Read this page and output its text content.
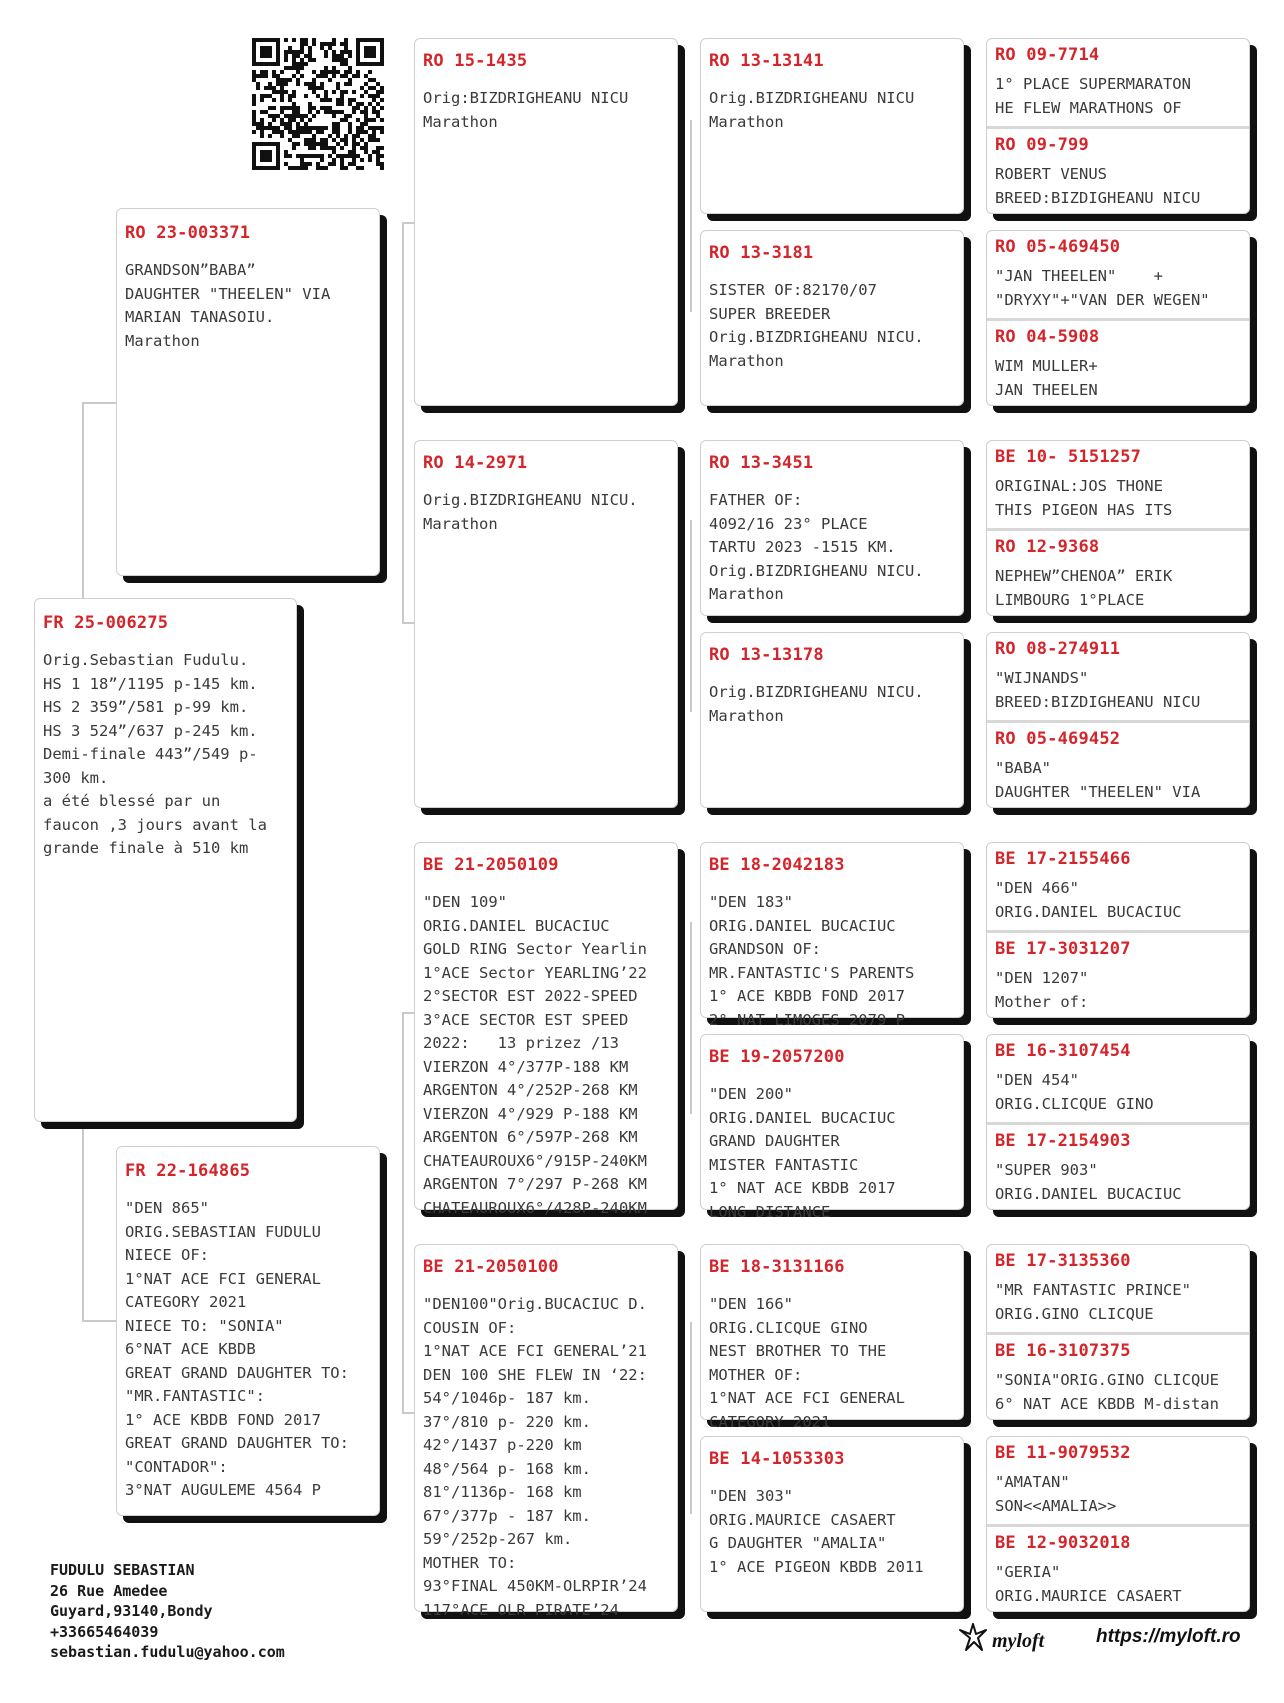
FR 25-006275
Orig.Sebastian Fudulu.
HS 1 18”/1195 p-145 km.
HS 2 359”/581 p-99 km.
HS 3 524”/637 p-245 km.
Demi-finale 443”/549 p-
300 km.
a été blessé par un
faucon ,3 jours avant la
grande finale à 510 km
RO 23-003371
GRANDSON”BABA”
DAUGHTER "THEELEN" VIA
MARIAN TANASOIU.
Marathon
FR 22-164865
"DEN 865"
ORIG.SEBASTIAN FUDULU
NIECE OF:
1°NAT ACE FCI GENERAL
CATEGORY 2021
NIECE TO: "SONIA"
6°NAT ACE KBDB
GREAT GRAND DAUGHTER TO:
"MR.FANTASTIC":
1° ACE KBDB FOND 2017
GREAT GRAND DAUGHTER TO:
"CONTADOR":
3°NAT AUGULEME 4564 P
RO 15-1435
Orig:BIZDRIGHEANU NICU
Marathon
RO 14-2971
Orig.BIZDRIGHEANU NICU.
Marathon
BE 21-2050109
"DEN 109"
ORIG.DANIEL BUCACIUC
GOLD RING Sector Yearlin
1°ACE Sector YEARLING’22
2°SECTOR EST 2022-SPEED
3°ACE SECTOR EST SPEED
2022:   13 prizez /13
VIERZON 4°/377P-188 KM
ARGENTON 4°/252P-268 KM
VIERZON 4°/929 P-188 KM
ARGENTON 6°/597P-268 KM
CHATEAUROUX6°/915P-240KM
ARGENTON 7°/297 P-268 KM
CHATEAUROUX6°/428P-240KM
BE 21-2050100
"DEN100"Orig.BUCACIUC D.
COUSIN OF:
1°NAT ACE FCI GENERAL’21
DEN 100 SHE FLEW IN ‘22:
54°/1046p- 187 km.
37°/810 p- 220 km.
42°/1437 p-220 km
48°/564 p- 168 km.
81°/1136p- 168 km
67°/377p - 187 km.
59°/252p-267 km.
MOTHER TO:
93°FINAL 450KM-OLRPIR’24
117°ACE OLR PIRATE’24
RO 13-13141
Orig.BIZDRIGHEANU NICU
Marathon
RO 13-3181
SISTER OF:82170/07
SUPER BREEDER
Orig.BIZDRIGHEANU NICU.
Marathon
RO 13-3451
FATHER OF:
4092/16 23° PLACE
TARTU 2023 -1515 KM.
Orig.BIZDRIGHEANU NICU.
Marathon
RO 13-13178
Orig.BIZDRIGHEANU NICU.
Marathon
BE 18-2042183
"DEN 183"
ORIG.DANIEL BUCACIUC
GRANDSON OF:
MR.FANTASTIC'S PARENTS
1° ACE KBDB FOND 2017
2° NAT LIMOGES 2079 P
BE 19-2057200
"DEN 200"
ORIG.DANIEL BUCACIUC
GRAND DAUGHTER
MISTER FANTASTIC
1° NAT ACE KBDB 2017
LONG DISTANCE
BE 18-3131166
"DEN 166"
ORIG.CLICQUE GINO
NEST BROTHER TO THE
MOTHER OF:
1°NAT ACE FCI GENERAL
CATEGORY 2021
BE 14-1053303
"DEN 303"
ORIG.MAURICE CASAERT
G DAUGHTER "AMALIA"
1° ACE PIGEON KBDB 2011
RO 09-7714
1° PLACE SUPERMARATON
HE FLEW MARATHONS OF
RO 09-799
ROBERT VENUS
BREED:BIZDIGHEANU NICU
RO 05-469450
"JAN THEELEN"    +
"DRYXY"+"VAN DER WEGEN"
RO 04-5908
WIM MULLER+
JAN THEELEN
BE 10- 5151257
ORIGINAL:JOS THONE
THIS PIGEON HAS ITS
RO 12-9368
NEPHEW”CHENOA” ERIK
LIMBOURG 1°PLACE
RO 08-274911
"WIJNANDS"
BREED:BIZDIGHEANU NICU
RO 05-469452
"BABA"
DAUGHTER "THEELEN" VIA
BE 17-2155466
"DEN 466"
ORIG.DANIEL BUCACIUC
BE 17-3031207
"DEN 1207"
Mother of:
BE 16-3107454
"DEN 454"
ORIG.CLICQUE GINO
BE 17-2154903
"SUPER 903"
ORIG.DANIEL BUCACIUC
BE 17-3135360
"MR FANTASTIC PRINCE"
ORIG.GINO CLICQUE
BE 16-3107375
"SONIA"ORIG.GINO CLICQUE
6° NAT ACE KBDB M-distan
BE 11-9079532
"AMATAN"
SON<<AMALIA>>
BE 12-9032018
"GERIA"
ORIG.MAURICE CASAERT
FUDULU SEBASTIAN
26 Rue Amedee
Guyard,93140,Bondy
+33665464039
sebastian.fudulu@yahoo.com	myloft	https://myloft.ro
